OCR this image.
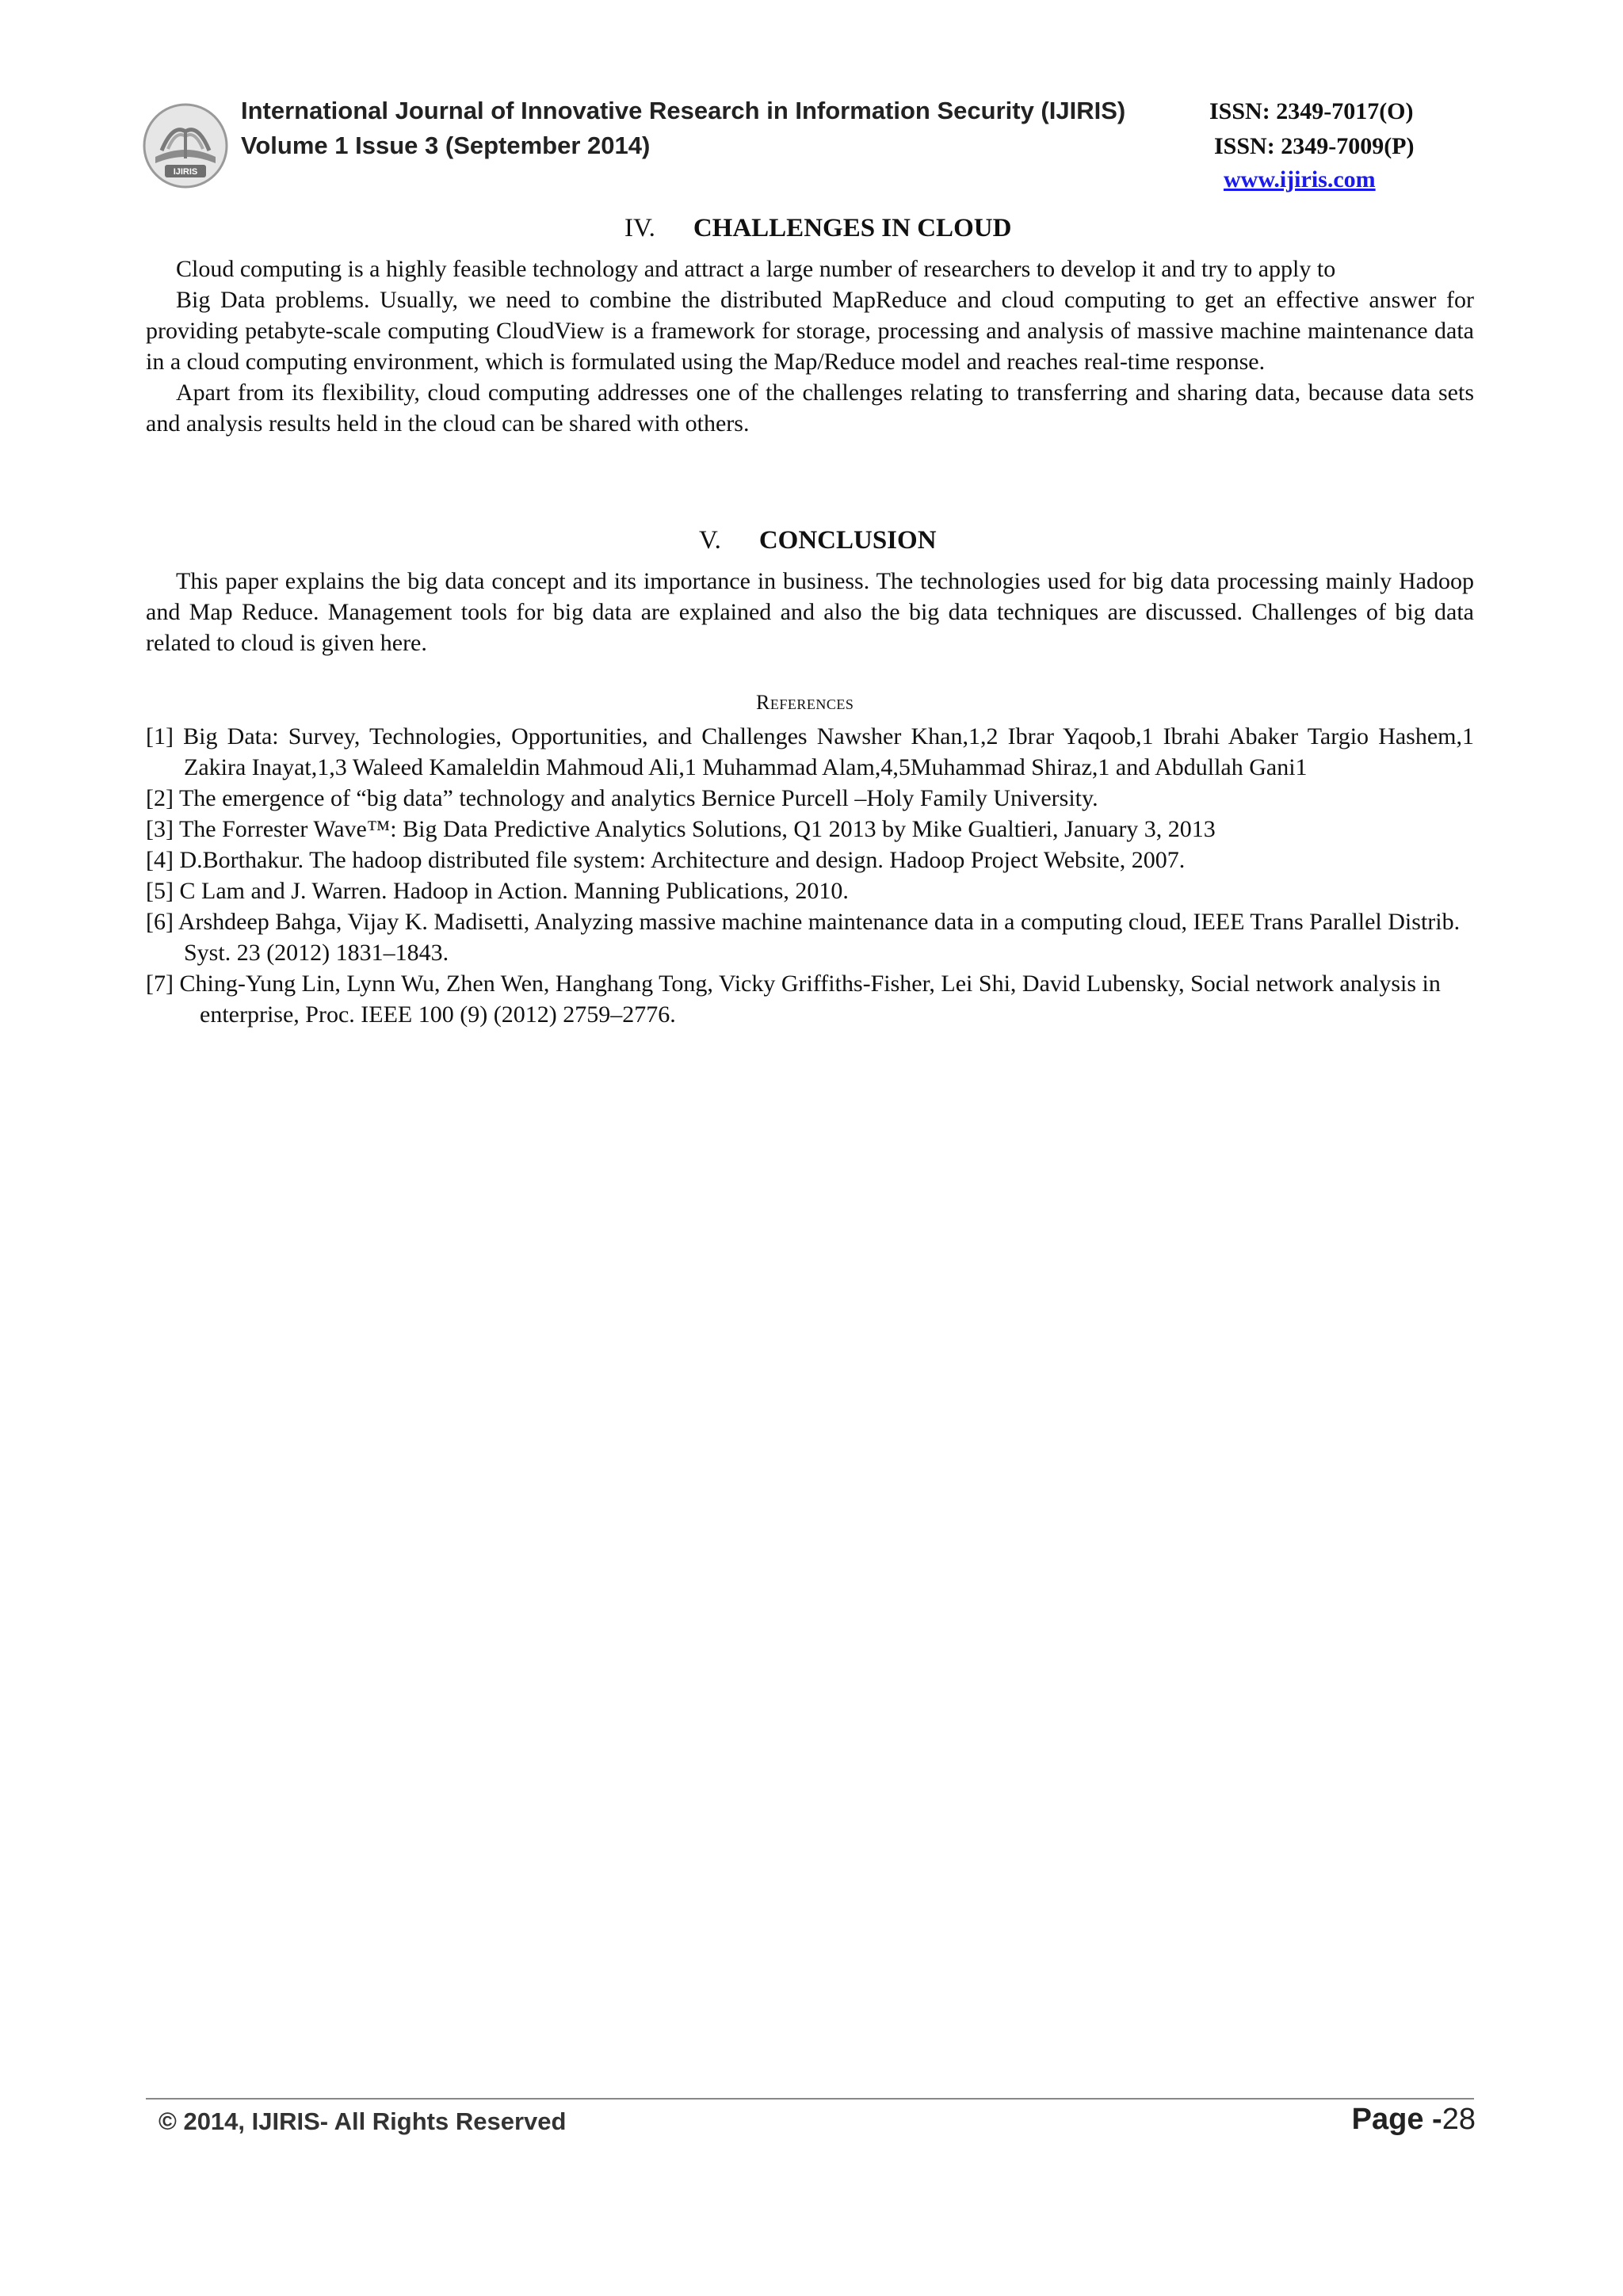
IJIRIS
International Journal of Innovative Research in Information Security (IJIRIS)
Volume 1 Issue 3 (September 2014)
ISSN: 2349-7017(O)
ISSN: 2349-7009(P)
www.ijiris.com
IV. CHALLENGES IN CLOUD

Cloud computing is a highly feasible technology and attract a large number of researchers to develop it and try to apply to

Big Data problems. Usually, we need to combine the distributed MapReduce and cloud computing to get an effective answer for providing petabyte-scale computing CloudView is a framework for storage, processing and analysis of massive machine maintenance data in a cloud computing environment, which is formulated using the Map/Reduce model and reaches real-time response.

Apart from its flexibility, cloud computing addresses one of the challenges relating to transferring and sharing data, because data sets and analysis results held in the cloud can be shared with others.

V. CONCLUSION

This paper explains the big data concept and its importance in business. The technologies used for big data processing mainly Hadoop and Map Reduce. Management tools for big data are explained and also the big data techniques are discussed. Challenges of big data related to cloud is given here.

References

[1] Big Data: Survey, Technologies, Opportunities, and Challenges Nawsher Khan,1,2 Ibrar Yaqoob,1 Ibrahi Abaker Targio Hashem,1 Zakira Inayat,1,3 Waleed Kamaleldin Mahmoud Ali,1 Muhammad Alam,4,5Muhammad Shiraz,1 and Abdullah Gani1

[2] The emergence of “big data” technology and analytics Bernice Purcell –Holy Family University.

[3] The Forrester Wave™: Big Data Predictive Analytics Solutions, Q1 2013 by Mike Gualtieri, January 3, 2013

[4] D.Borthakur. The hadoop distributed file system: Architecture and design. Hadoop Project Website, 2007.

[5] C Lam and J. Warren. Hadoop in Action. Manning Publications, 2010.

[6] Arshdeep Bahga, Vijay K. Madisetti, Analyzing massive machine maintenance data in a computing cloud, IEEE Trans Parallel Distrib. Syst. 23 (2012) 1831–1843.

[7] Ching-Yung Lin, Lynn Wu, Zhen Wen, Hanghang Tong, Vicky Griffiths-Fisher, Lei Shi, David Lubensky, Social network analysis in enterprise, Proc. IEEE 100 (9) (2012) 2759–2776.

© 2014, IJIRIS- All Rights Reserved	Page -28
